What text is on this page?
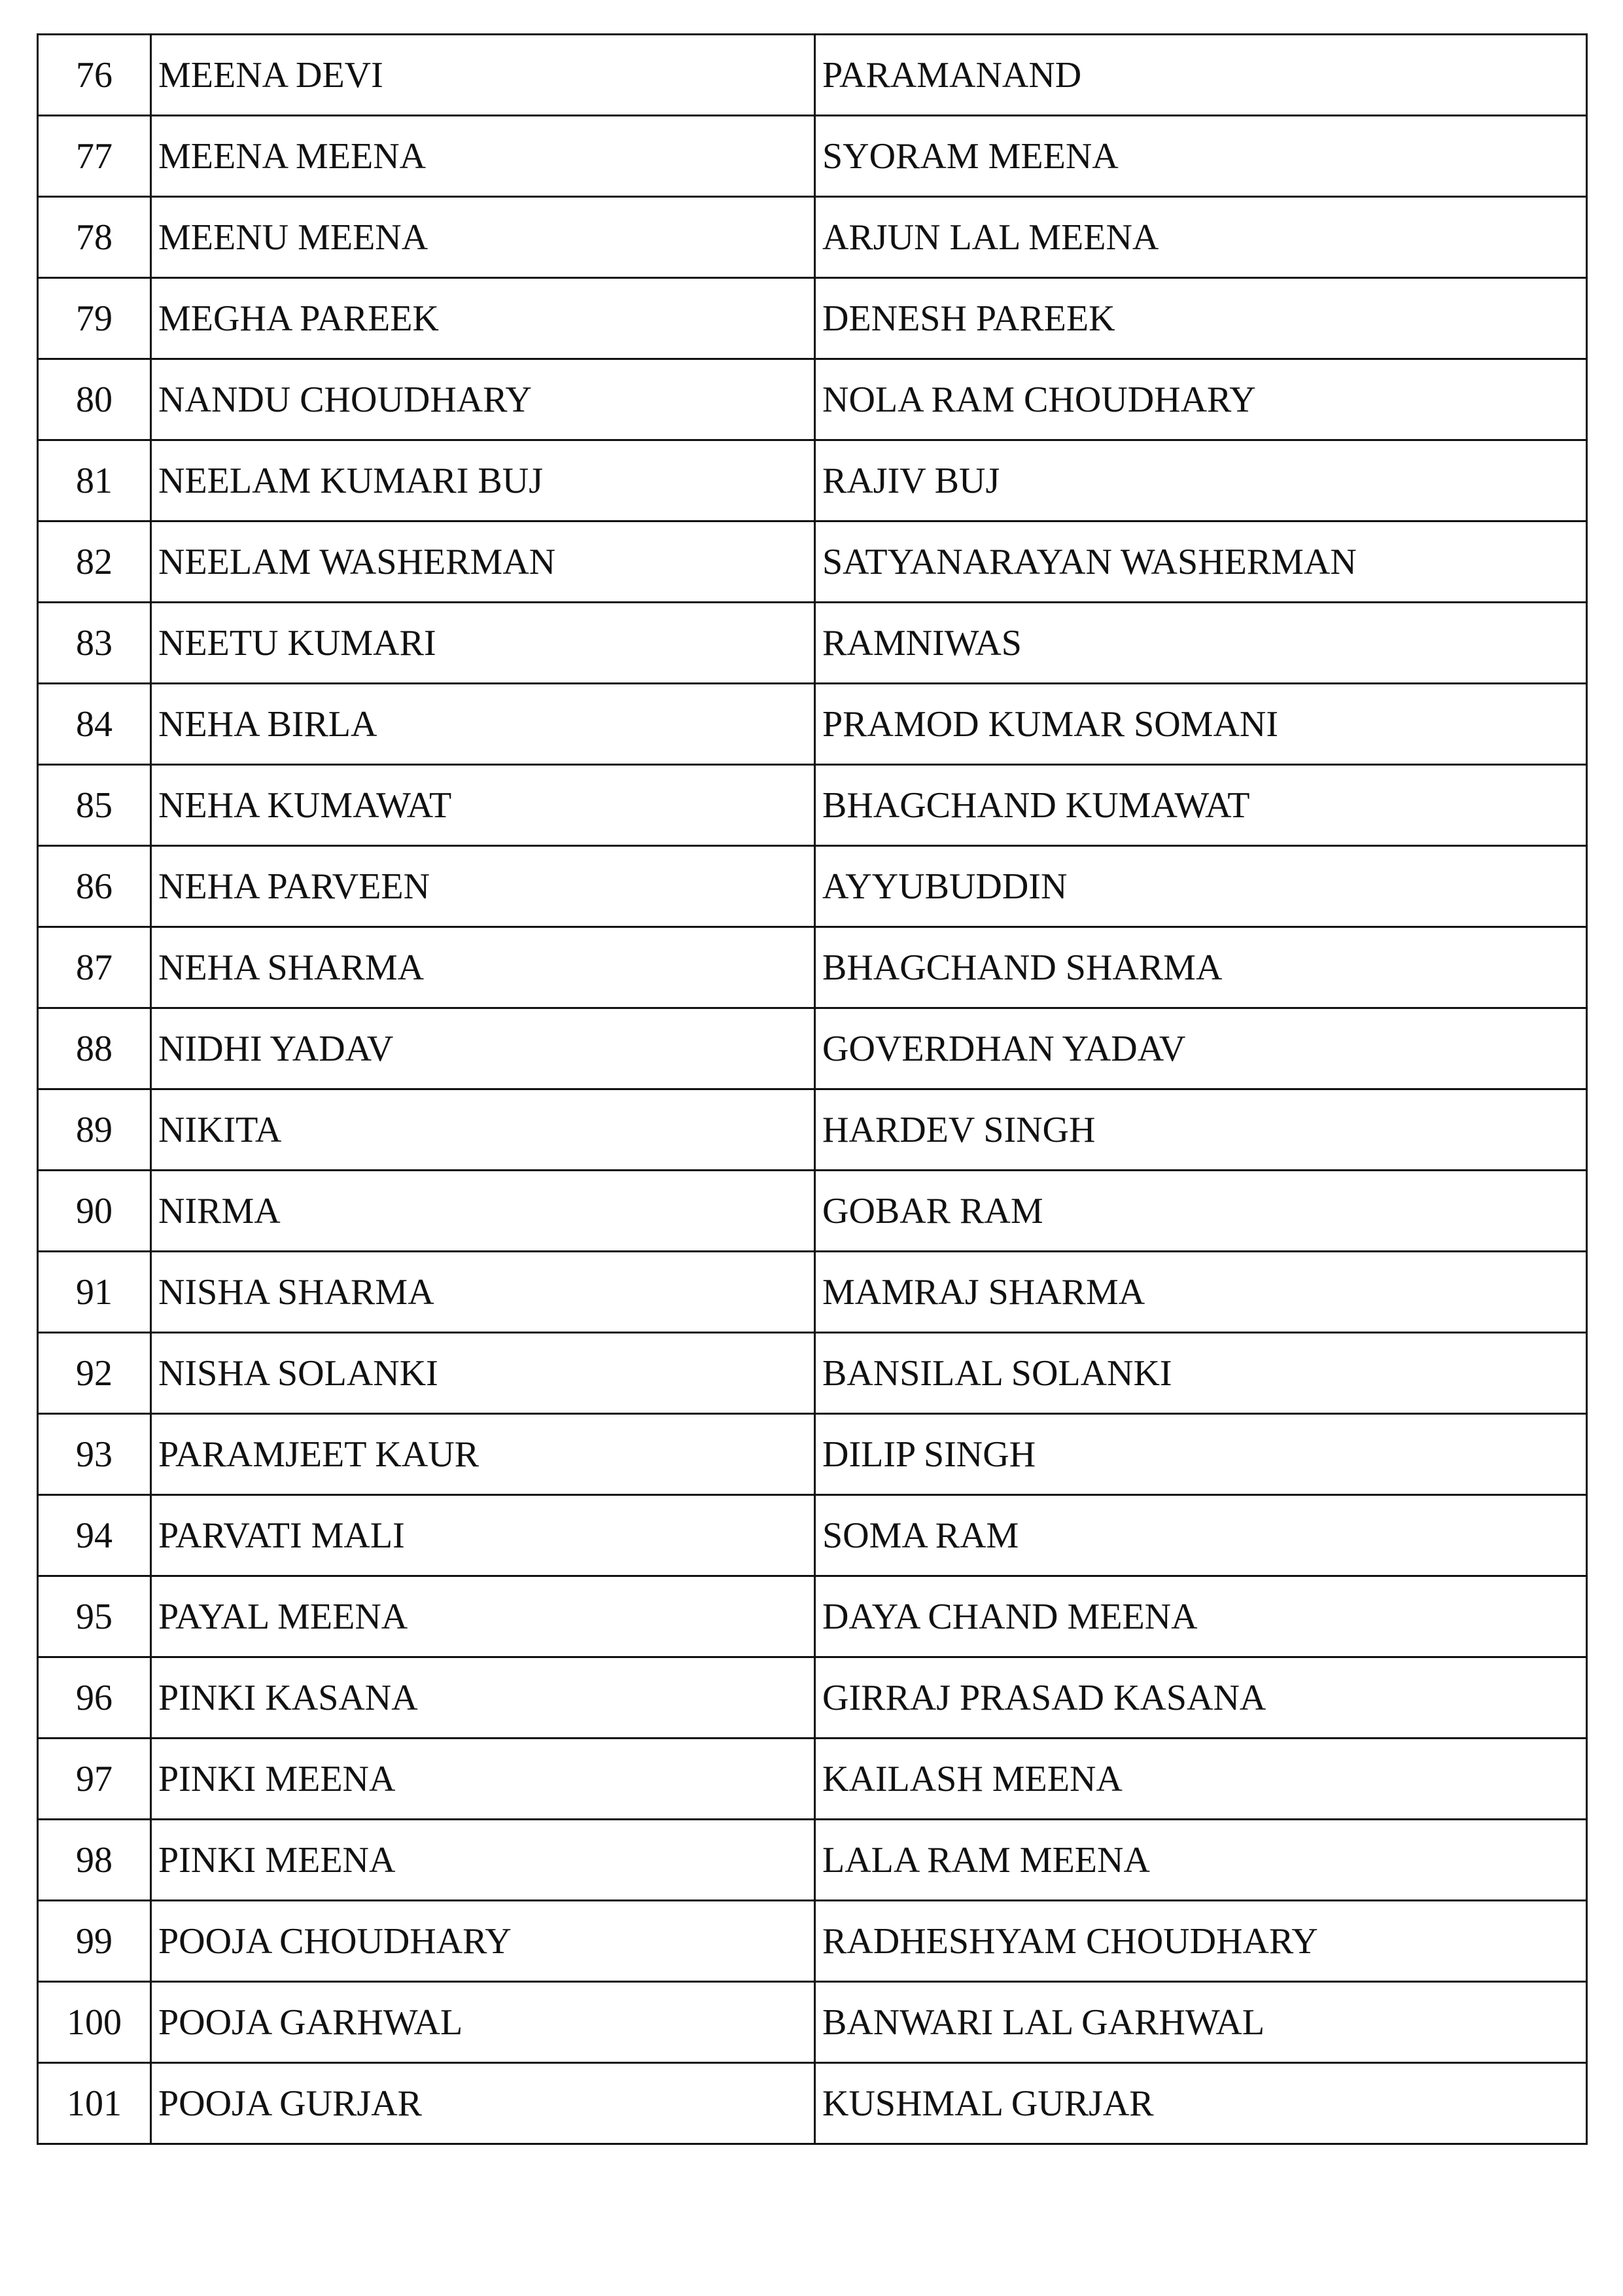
76	MEENA DEVI	PARAMANAND
77	MEENA MEENA	SYORAM MEENA
78	MEENU MEENA	ARJUN LAL MEENA
79	MEGHA PAREEK	DENESH PAREEK
80	NANDU CHOUDHARY	NOLA RAM CHOUDHARY
81	NEELAM KUMARI BUJ	RAJIV BUJ
82	NEELAM WASHERMAN	SATYANARAYAN WASHERMAN
83	NEETU KUMARI	RAMNIWAS
84	NEHA BIRLA	PRAMOD KUMAR SOMANI
85	NEHA KUMAWAT	BHAGCHAND KUMAWAT
86	NEHA PARVEEN	AYYUBUDDIN
87	NEHA SHARMA	BHAGCHAND SHARMA
88	NIDHI YADAV	GOVERDHAN YADAV
89	NIKITA	HARDEV SINGH
90	NIRMA	GOBAR RAM
91	NISHA SHARMA	MAMRAJ SHARMA
92	NISHA SOLANKI	BANSILAL SOLANKI
93	PARAMJEET KAUR	DILIP SINGH
94	PARVATI MALI	SOMA RAM
95	PAYAL MEENA	DAYA CHAND MEENA
96	PINKI KASANA	GIRRAJ PRASAD KASANA
97	PINKI MEENA	KAILASH MEENA
98	PINKI MEENA	LALA RAM MEENA
99	POOJA CHOUDHARY	RADHESHYAM CHOUDHARY
100	POOJA GARHWAL	BANWARI LAL GARHWAL
101	POOJA GURJAR	KUSHMAL GURJAR
